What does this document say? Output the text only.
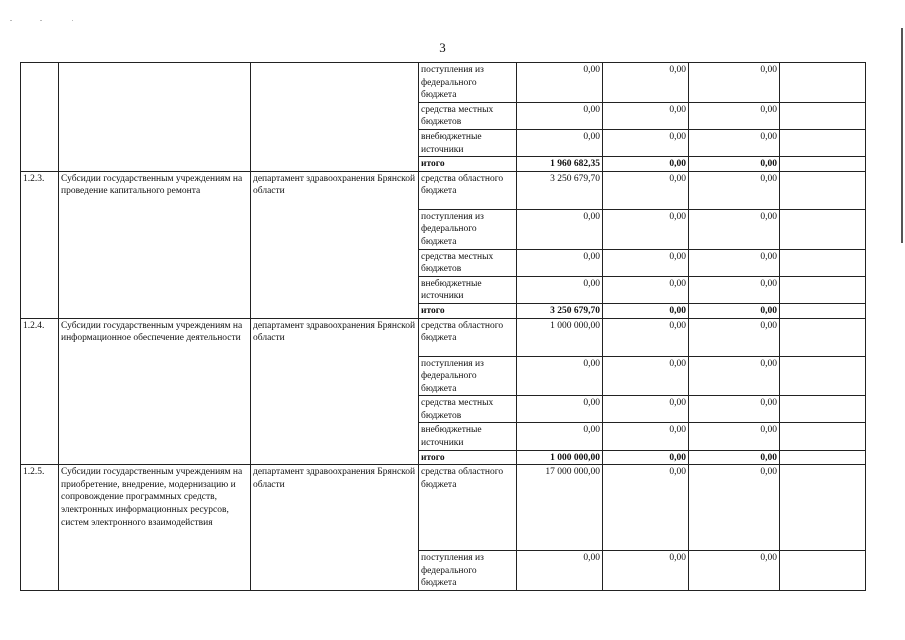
3
			поступления из федерального бюджета	0,00	0,00	0,00	
			средства местных бюджетов	0,00	0,00	0,00	
			внебюджетные источники	0,00	0,00	0,00	
			итого	1 960 682,35	0,00	0,00	
1.2.3.	Субсидии государственным учреждениям на проведение капитального ремонта	департамент здравоохранения Брянской области	средства областного бюджета	3 250 679,70	0,00	0,00	
			поступления из федерального бюджета	0,00	0,00	0,00	
			средства местных бюджетов	0,00	0,00	0,00	
			внебюджетные источники	0,00	0,00	0,00	
			итого	3 250 679,70	0,00	0,00	
1.2.4.	Субсидии государственным учреждениям на информационное обеспечение деятельности	департамент здравоохранения Брянской области	средства областного бюджета	1 000 000,00	0,00	0,00	
			поступления из федерального бюджета	0,00	0,00	0,00	
			средства местных бюджетов	0,00	0,00	0,00	
			внебюджетные источники	0,00	0,00	0,00	
			итого	1 000 000,00	0,00	0,00	
1.2.5.	Субсидии государственным учреждениям на приобретение, внедрение, модернизацию и сопровождение программных средств, электронных информационных ресурсов, систем электронного взаимодействия	департамент здравоохранения Брянской области	средства областного бюджета	17 000 000,00	0,00	0,00	
			поступления из федерального бюджета	0,00	0,00	0,00	
